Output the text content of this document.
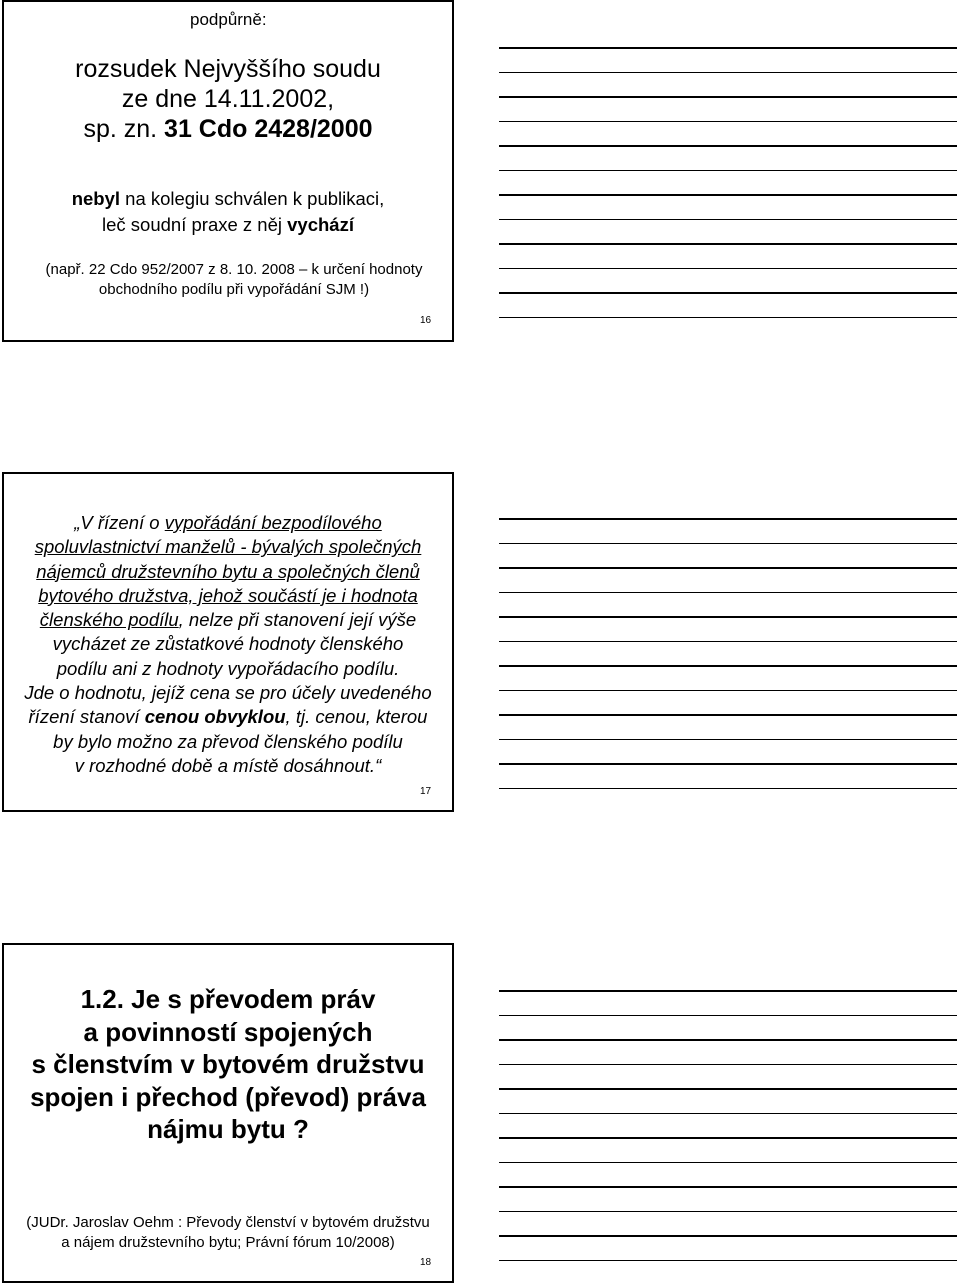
podpůrně:
rozsudek Nejvyššího soudu
ze dne 14.11.2002,
sp. zn. 31 Cdo 2428/2000
nebyl na kolegiu schválen k publikaci,
leč soudní praxe z něj vychází
(např. 22 Cdo 952/2007 z 8. 10. 2008 – k určení hodnoty
obchodního podílu při vypořádání SJM !)
16
„V řízení o vypořádání bezpodílového
spoluvlastnictví manželů - bývalých společných
nájemců družstevního bytu a společných členů
bytového družstva, jehož součástí je i hodnota
členského podílu, nelze při stanovení její výše
vycházet ze zůstatkové hodnoty členského
podílu ani z hodnoty vypořádacího podílu.
Jde o hodnotu, jejíž cena se pro účely uvedeného
řízení stanoví cenou obvyklou, tj. cenou, kterou
by bylo možno za převod členského podílu
v rozhodné době a místě dosáhnout.“
17
1.2. Je s převodem práv
a povinností spojených
s členstvím v bytovém družstvu
spojen i přechod (převod) práva
nájmu bytu ?
(JUDr. Jaroslav Oehm : Převody členství v bytovém družstvu
a nájem družstevního bytu; Právní fórum 10/2008)
18
